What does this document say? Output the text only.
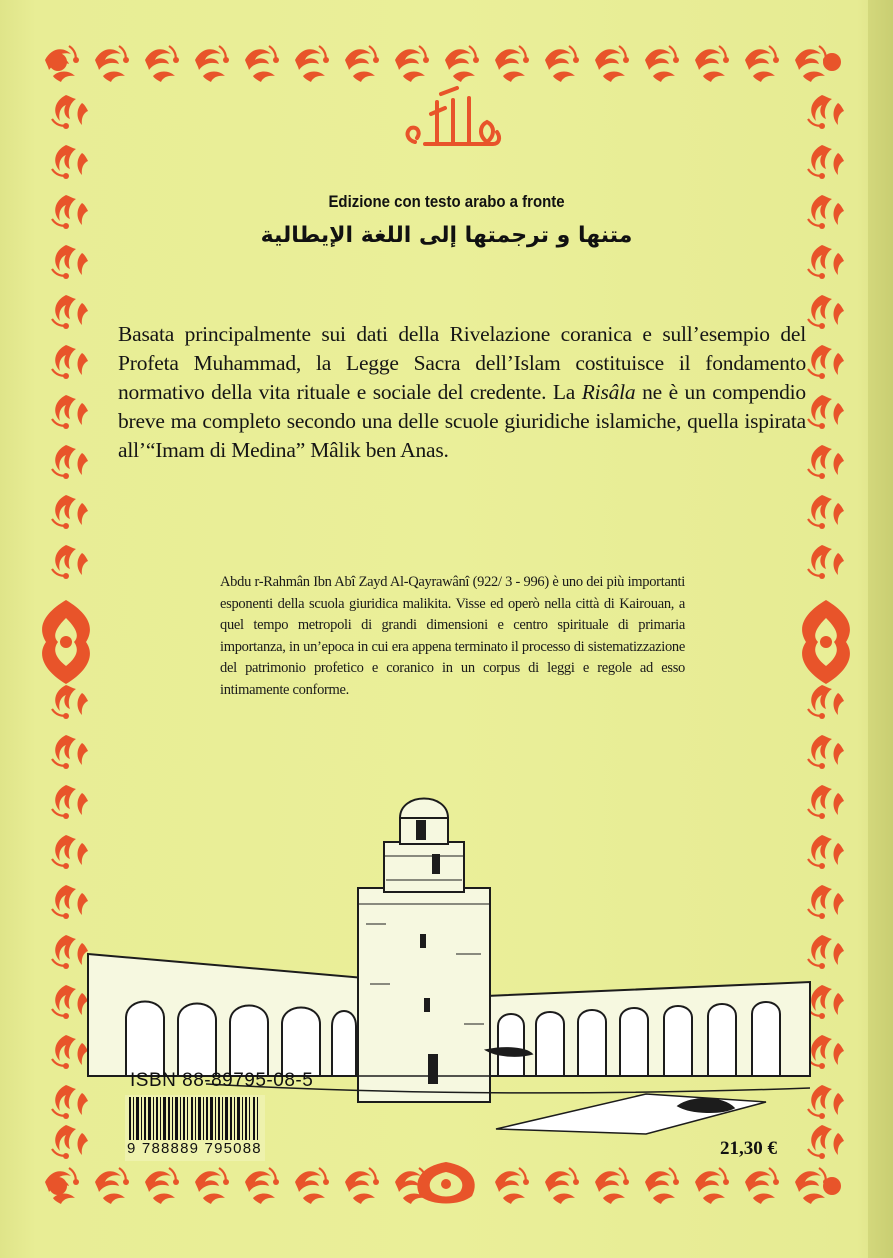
Edizione con testo arabo a fronte
متنها و ترجمتها إلى اللغة الإيطالية
Basata principalmente sui dati della Rivelazione coranica e sull’esempio del Profeta Muhammad, la Legge Sacra dell’Islam costituisce il fondamento normativo della vita rituale e sociale del credente. La Risâla ne è un compendio breve ma completo secondo una delle scuole giuridiche islamiche, quella ispirata all’“Imam di Medina” Mâlik ben Anas.
Abdu r-Rahmân Ibn Abî Zayd Al-Qayrawânî (922/ 3 - 996) è uno dei più importanti esponenti della scuola giuridica malikita. Visse ed operò nella città di Kairouan, a quel tempo metropoli di grandi dimensioni e centro spirituale di primaria importanza, in un’epoca in cui era appena terminato il processo di sistematizzazione del patrimonio profetico e coranico in un corpus di leggi e regole ad esso intimamente conforme.
ISBN 88-89795-08-5
9 788889 795088	21,30 €
